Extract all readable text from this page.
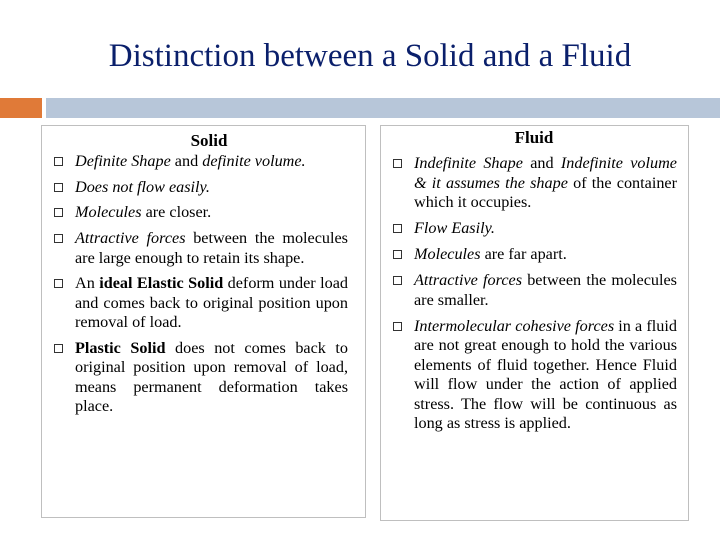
Distinction between a Solid and a Fluid
Solid
Definite Shape and definite volume.
Does not flow easily.
Molecules are closer.
Attractive forces between the molecules are large enough to retain its shape.
An ideal Elastic Solid deform under load and comes back to original position upon removal of load.
Plastic Solid does not comes back to original position upon removal of load, means permanent deformation takes place.
Fluid
Indefinite Shape and Indefinite volume & it assumes the shape of the container which it occupies.
Flow Easily.
Molecules are far apart.
Attractive forces between the molecules are smaller.
Intermolecular cohesive forces in a fluid are not great enough to hold the various elements of fluid together. Hence Fluid will flow under the action of applied stress. The flow will be continuous as long as stress is applied.
